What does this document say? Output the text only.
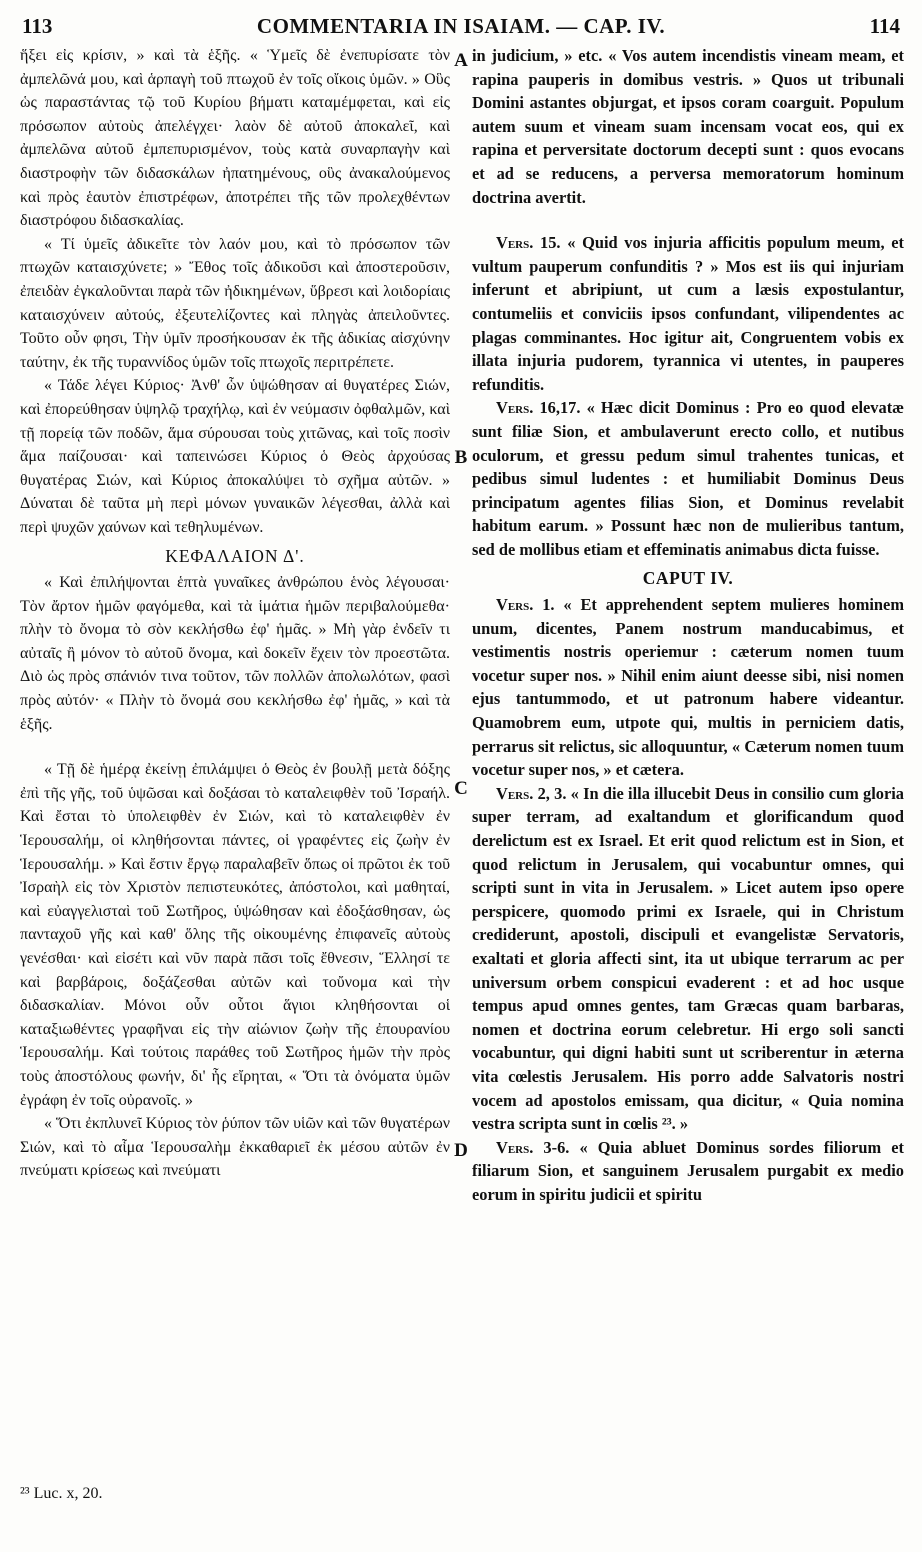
113	COMMENTARIA IN ISAIAM. — CAP. IV.	114

ἥξει εἰς κρίσιν, » καὶ τὰ ἑξῆς. « Ὑμεῖς δὲ ἐνεπυρίσατε τὸν ἀμπελῶνά μου, καὶ ἁρπαγὴ τοῦ πτωχοῦ ἐν τοῖς οἴκοις ὑμῶν. » Οὓς ὡς παραστάντας τῷ τοῦ Κυρίου βήματι καταμέμφεται, καὶ εἰς πρόσωπον αὐτοὺς ἀπελέγχει· λαὸν δὲ αὐτοῦ ἀποκαλεῖ, καὶ ἀμπελῶνα αὐτοῦ ἐμπεπυρισμένον, τοὺς κατὰ συναρπαγὴν καὶ διαστροφὴν τῶν διδασκάλων ἠπατημένους, οὓς ἀνακαλούμενος καὶ πρὸς ἑαυτὸν ἐπιστρέφων, ἀποτρέπει τῆς τῶν προλεχθέντων διαστρόφου διδασκαλίας.

« Τί ὑμεῖς ἀδικεῖτε τὸν λαόν μου, καὶ τὸ πρόσωπον τῶν πτωχῶν καταισχύνετε; » Ἔθος τοῖς ἀδικοῦσι καὶ ἀποστεροῦσιν, ἐπειδὰν ἐγκαλοῦνται παρὰ τῶν ἠδικημένων, ὕβρεσι καὶ λοιδορίαις καταισχύνειν αὐτούς, ἐξευτελίζοντες καὶ πληγὰς ἀπειλοῦντες. Τοῦτο οὖν φησι, Τὴν ὑμῖν προσήκουσαν ἐκ τῆς ἀδικίας αἰσχύνην ταύτην, ἐκ τῆς τυραννίδος ὑμῶν τοῖς πτωχοῖς περιτρέπετε.

« Τάδε λέγει Κύριος· Ἀνθ' ὧν ὑψώθησαν αἱ θυγατέρες Σιών, καὶ ἐπορεύθησαν ὑψηλῷ τραχήλῳ, καὶ ἐν νεύμασιν ὀφθαλμῶν, καὶ τῇ πορείᾳ τῶν ποδῶν, ἅμα σύρουσαι τοὺς χιτῶνας, καὶ τοῖς ποσὶν ἅμα παίζουσαι· καὶ ταπεινώσει Κύριος ὁ Θεὸς ἀρχούσας θυγατέρας Σιών, καὶ Κύριος ἀποκαλύψει τὸ σχῆμα αὐτῶν. » Δύναται δὲ ταῦτα μὴ περὶ μόνων γυναικῶν λέγεσθαι, ἀλλὰ καὶ περὶ ψυχῶν χαύνων καὶ τεθηλυμένων.

ΚΕΦΑΛΑΙΟΝ Δ'.

« Καὶ ἐπιλήψονται ἑπτὰ γυναῖκες ἀνθρώπου ἑνὸς λέγουσαι· Τὸν ἄρτον ἡμῶν φαγόμεθα, καὶ τὰ ἱμάτια ἡμῶν περιβαλούμεθα· πλὴν τὸ ὄνομα τὸ σὸν κεκλήσθω ἐφ' ἡμᾶς. » Μὴ γὰρ ἐνδεῖν τι αὐταῖς ἢ μόνον τὸ αὐτοῦ ὄνομα, καὶ δοκεῖν ἔχειν τὸν προεστῶτα. Διὸ ὡς πρὸς σπάνιόν τινα τοῦτον, τῶν πολλῶν ἀπολωλότων, φασὶ πρὸς αὐτόν· « Πλὴν τὸ ὄνομά σου κεκλήσθω ἐφ' ἡμᾶς, » καὶ τὰ ἑξῆς.

« Τῇ δὲ ἡμέρᾳ ἐκείνῃ ἐπιλάμψει ὁ Θεὸς ἐν βουλῇ μετὰ δόξης ἐπὶ τῆς γῆς, τοῦ ὑψῶσαι καὶ δοξάσαι τὸ καταλειφθὲν τοῦ Ἰσραήλ. Καὶ ἔσται τὸ ὑπολειφθὲν ἐν Σιών, καὶ τὸ καταλειφθὲν ἐν Ἱερουσαλήμ, οἱ κληθήσονται πάντες, οἱ γραφέντες εἰς ζωὴν ἐν Ἱερουσαλήμ. » Καὶ ἔστιν ἔργῳ παραλαβεῖν ὅπως οἱ πρῶτοι ἐκ τοῦ Ἰσραὴλ εἰς τὸν Χριστὸν πεπιστευκότες, ἀπόστολοι, καὶ μαθηταί, καὶ εὐαγγελισταὶ τοῦ Σωτῆρος, ὑψώθησαν καὶ ἐδοξάσθησαν, ὡς πανταχοῦ γῆς καὶ καθ' ὅλης τῆς οἰκουμένης ἐπιφανεῖς αὐτοὺς γενέσθαι· καὶ εἰσέτι καὶ νῦν παρὰ πᾶσι τοῖς ἔθνεσιν, Ἕλλησί τε καὶ βαρβάροις, δοξάζεσθαι αὐτῶν καὶ τοὔνομα καὶ τὴν διδασκαλίαν. Μόνοι οὖν οὗτοι ἅγιοι κληθήσονται οἱ καταξιωθέντες γραφῆναι εἰς τὴν αἰώνιον ζωὴν τῆς ἐπουρανίου Ἱερουσαλήμ. Καὶ τούτοις παράθες τοῦ Σωτῆρος ἡμῶν τὴν πρὸς τοὺς ἀποστόλους φωνήν, δι' ἧς εἴρηται, « Ὅτι τὰ ὀνόματα ὑμῶν ἐγράφη ἐν τοῖς οὐρανοῖς. »

« Ὅτι ἐκπλυνεῖ Κύριος τὸν ῥύπον τῶν υἱῶν καὶ τῶν θυγατέρων Σιών, καὶ τὸ αἷμα Ἱερουσαλὴμ ἐκκαθαριεῖ ἐκ μέσου αὐτῶν ἐν πνεύματι κρίσεως καὶ πνεύματι

A
B
C
D

in judicium, » etc. « Vos autem incendistis vineam meam, et rapina pauperis in domibus vestris. » Quos ut tribunali Domini astantes objurgat, et ipsos coram coarguit. Populum autem suum et vineam suam incensam vocat eos, qui ex rapina et perversitate doctorum decepti sunt : quos evocans et ad se reducens, a perversa memoratorum hominum doctrina avertit.

Vers. 15. « Quid vos injuria afficitis populum meum, et vultum pauperum confunditis ? » Mos est iis qui injuriam inferunt et abripiunt, ut cum a læsis expostulantur, contumeliis et conviciis ipsos confundant, vilipendentes ac plagas comminantes. Hoc igitur ait, Congruentem vobis ex illata injuria pudorem, tyrannica vi utentes, in pauperes refunditis.

Vers. 16,17. « Hæc dicit Dominus : Pro eo quod elevatæ sunt filiæ Sion, et ambulaverunt erecto collo, et nutibus oculorum, et gressu pedum simul trahentes tunicas, et pedibus simul ludentes : et humiliabit Dominus Deus principatum agentes filias Sion, et Dominus revelabit habitum earum. » Possunt hæc non de mulieribus tantum, sed de mollibus etiam et effeminatis animabus dicta fuisse.

CAPUT IV.

Vers. 1. « Et apprehendent septem mulieres hominem unum, dicentes, Panem nostrum manducabimus, et vestimentis nostris operiemur : cæterum nomen tuum vocetur super nos. » Nihil enim aiunt deesse sibi, nisi nomen ejus tantummodo, et ut patronum habere videantur. Quamobrem eum, utpote qui, multis in perniciem datis, perrarus sit relictus, sic alloquuntur, « Cæterum nomen tuum vocetur super nos, » et cætera.

Vers. 2, 3. « In die illa illucebit Deus in consilio cum gloria super terram, ad exaltandum et glorificandum quod derelictum est ex Israel. Et erit quod relictum est in Sion, et quod relictum in Jerusalem, qui vocabuntur omnes, qui scripti sunt in vita in Jerusalem. » Licet autem ipso opere perspicere, quomodo primi ex Israele, qui in Christum crediderunt, apostoli, discipuli et evangelistæ Servatoris, exaltati et gloria affecti sint, ita ut ubique terrarum ac per universum orbem conspicui evaderent : et ad hoc usque tempus apud omnes gentes, tam Græcas quam barbaras, nomen et doctrina eorum celebretur. Hi ergo soli sancti vocabuntur, qui digni habiti sunt ut scriberentur in æterna vita cœlestis Jerusalem. His porro adde Salvatoris nostri vocem ad apostolos emissam, qua dicitur, « Quia nomina vestra scripta sunt in cœlis ²³. »

Vers. 3-6. « Quia abluet Dominus sordes filiorum et filiarum Sion, et sanguinem Jerusalem purgabit ex medio eorum in spiritu judicii et spiritu

²³ Luc. x, 20.
